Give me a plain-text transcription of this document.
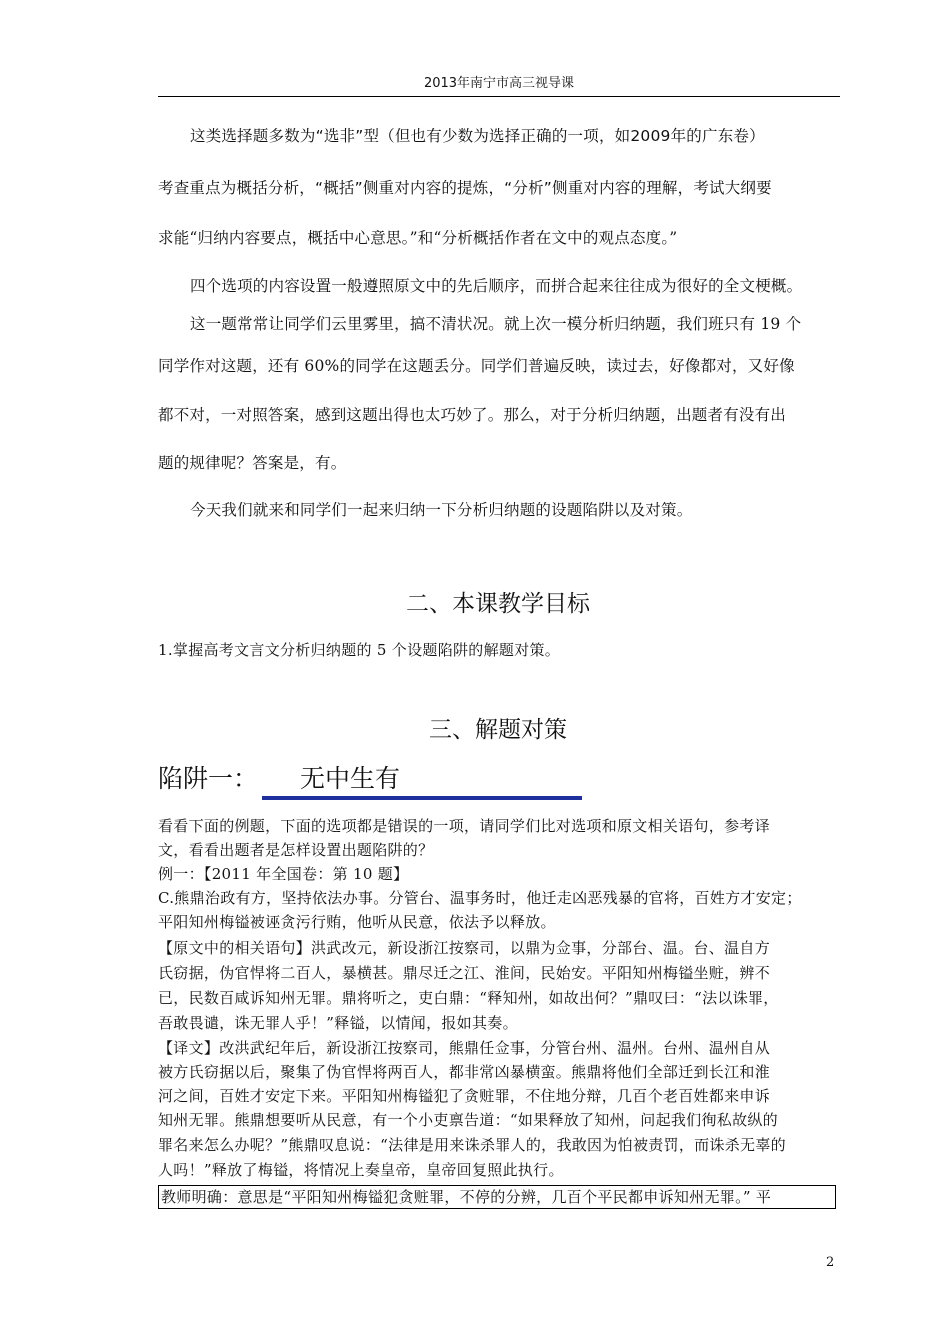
2013年南宁市高三视导课
这类选择题多数为“选非”型（但也有少数为选择正确的一项，如2009年的广东卷）
考查重点为概括分析，“概括”侧重对内容的提炼，“分析”侧重对内容的理解，考试大纲要
求能“归纳内容要点，概括中心意思。”和“分析概括作者在文中的观点态度。”
四个选项的内容设置一般遵照原文中的先后顺序，而拼合起来往往成为很好的全文梗概。
这一题常常让同学们云里雾里，搞不清状况。就上次一模分析归纳题，我们班只有 19 个
同学作对这题，还有 60%的同学在这题丢分。同学们普遍反映，读过去，好像都对，又好像
都不对，一对照答案，感到这题出得也太巧妙了。那么，对于分析归纳题，出题者有没有出
题的规律呢？答案是，有。
今天我们就来和同学们一起来归纳一下分析归纳题的设题陷阱以及对策。
二、本课教学目标
1.掌握高考文言文分析归纳题的 5 个设题陷阱的解题对策。
三、解题对策
陷阱一： 无中生有
看看下面的例题，下面的选项都是错误的一项，请同学们比对选项和原文相关语句，参考译
文，看看出题者是怎样设置出题陷阱的？
例一：【2011 年全国卷：第 10 题】
C.熊鼎治政有方，坚持依法办事。分管台、温事务时，他迁走凶恶残暴的官将，百姓方才安定；
平阳知州梅镒被诬贪污行贿，他听从民意，依法予以释放。
【原文中的相关语句】洪武改元，新设浙江按察司，以鼎为佥事，分部台、温。台、温自方
氏窃据，伪官悍将二百人，暴横甚。鼎尽迁之江、淮间，民始安。平阳知州梅镒坐赃，辨不
已，民数百咸诉知州无罪。鼎将听之，吏白鼎：“释知州，如故出何？”鼎叹曰：“法以诛罪，
吾敢畏谴，诛无罪人乎！”释镒，以情闻，报如其奏。
【译文】改洪武纪年后，新设浙江按察司，熊鼎任佥事，分管台州、温州。台州、温州自从
被方氏窃据以后，聚集了伪官悍将两百人，都非常凶暴横蛮。熊鼎将他们全部迁到长江和淮
河之间，百姓才安定下来。平阳知州梅镒犯了贪赃罪，不住地分辩，几百个老百姓都来申诉
知州无罪。熊鼎想要听从民意，有一个小吏禀告道：“如果释放了知州，问起我们徇私故纵的
罪名来怎么办呢？”熊鼎叹息说：“法律是用来诛杀罪人的，我敢因为怕被责罚，而诛杀无辜的
人吗！”释放了梅镒，将情况上奏皇帝，皇帝回复照此执行。
教师明确：意思是“平阳知州梅镒犯贪赃罪，不停的分辨，几百个平民都申诉知州无罪。” 平
2
